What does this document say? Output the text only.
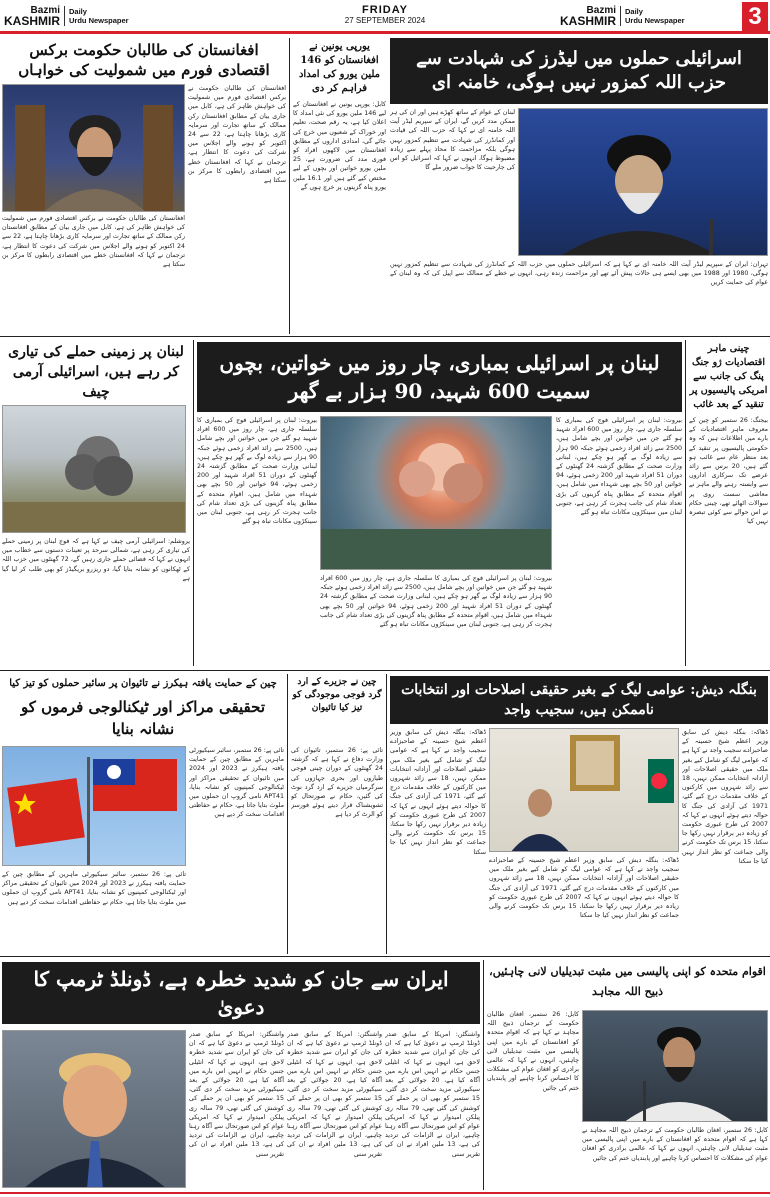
Bazmi
KASHMIR
Daily
Urdu Newspaper
FRIDAY
27 SEPTEMBER 2024
Bazmi
KASHMIR
Daily
Urdu Newspaper	3
افغانستان کی طالبان حکومت برکس اقتصادی فورم میں شمولیت کی خواہاں
افغانستان کی طالبان حکومت نے برکس اقتصادی فورم میں شمولیت کی خواہش ظاہر کی ہے، کابل میں جاری بیان کے مطابق افغانستان رکن ممالک کے ساتھ تجارت اور سرمایہ کاری بڑھانا چاہتا ہے، 22 سے 24 اکتوبر کو ہونے والے اجلاس میں شرکت کی دعوت کا انتظار ہے، ترجمان نے کہا کہ افغانستان خطے میں اقتصادی رابطوں کا مرکز بن سکتا ہے
افغانستان کی طالبان حکومت نے برکس اقتصادی فورم میں شمولیت کی خواہش ظاہر کی ہے، کابل میں جاری بیان کے مطابق افغانستان رکن ممالک کے ساتھ تجارت اور سرمایہ کاری بڑھانا چاہتا ہے، 22 سے 24 اکتوبر کو ہونے والے اجلاس میں شرکت کی دعوت کا انتظار ہے، ترجمان نے کہا کہ افغانستان خطے میں اقتصادی رابطوں کا مرکز بن سکتا ہے
یورپی یونین نے افغانستان کو 146 ملین یورو کی امداد فراہم کر دی
کابل: یورپی یونین نے افغانستان کے لیے 146 ملین یورو کی نئی امداد کا اعلان کیا ہے، یہ رقم صحت، تعلیم اور خوراک کے شعبوں میں خرچ کی جائے گی، امدادی اداروں کے مطابق افغانستان میں لاکھوں افراد کو فوری مدد کی ضرورت ہے، 25 ملین یورو خواتین اور بچوں کے لیے مختص کیے گئے ہیں اور 16.1 ملین یورو پناہ گزینوں پر خرچ ہوں گے
اسرائیلی حملوں میں لیڈرز کی شہادت سے حزب اللہ کمزور نہیں ہوگی، خامنہ ای
لبنان کے عوام کے ساتھ کھڑے ہیں اور ان کی ہر ممکن مدد کریں گے، ایران کے سپریم لیڈر آیت اللہ خامنہ ای نے کہا کہ حزب اللہ کی قیادت اور کمانڈرز کی شہادت سے تنظیم کمزور نہیں ہوگی بلکہ مزاحمت کا محاذ پہلے سے زیادہ مضبوط ہوگا، انہوں نے کہا کہ اسرائیل کو اس کی جارحیت کا جواب ضرور ملے گا
تہران: ایران کے سپریم لیڈر آیت اللہ خامنہ ای نے کہا ہے کہ اسرائیلی حملوں میں حزب اللہ کے کمانڈرز کی شہادت سے تنظیم کمزور نہیں ہوگی، 1980 اور 1988 میں بھی ایسے ہی حالات پیش آئے تھے اور مزاحمت زندہ رہی، انہوں نے خطے کے ممالک سے اپیل کی کہ وہ لبنان کے عوام کی حمایت کریں
لبنان پر زمینی حملے کی تیاری کر رہے ہیں، اسرائیلی آرمی چیف
یروشلم: اسرائیلی آرمی چیف نے کہا ہے کہ فوج لبنان پر زمینی حملے کی تیاری کر رہی ہے، شمالی سرحد پر تعینات دستوں سے خطاب میں انہوں نے کہا کہ فضائی حملے جاری رہیں گے، 72 گھنٹوں میں حزب اللہ کے ٹھکانوں کو نشانہ بنایا گیا، دو ریزرو بریگیڈز کو بھی طلب کر لیا گیا ہے
لبنان پر اسرائیلی بمباری، چار روز میں خواتین، بچوں سمیت 600 شہید، 90 ہزار بے گھر
بیروت: لبنان پر اسرائیلی فوج کی بمباری کا سلسلہ جاری ہے، چار روز میں 600 افراد شہید ہو گئے جن میں خواتین اور بچے شامل ہیں، 2500 سے زائد افراد زخمی ہوئے جبکہ 90 ہزار سے زیادہ لوگ بے گھر ہو چکے ہیں، لبنانی وزارت صحت کے مطابق گزشتہ 24 گھنٹوں کے دوران 51 افراد شہید اور 200 زخمی ہوئے، 94 خواتین اور 50 بچے بھی شہداء میں شامل ہیں، اقوام متحدہ کے مطابق پناہ گزینوں کی بڑی تعداد شام کی جانب ہجرت کر رہی ہے، جنوبی لبنان میں سینکڑوں مکانات تباہ ہو گئے
بیروت: لبنان پر اسرائیلی فوج کی بمباری کا سلسلہ جاری ہے، چار روز میں 600 افراد شہید ہو گئے جن میں خواتین اور بچے شامل ہیں، 2500 سے زائد افراد زخمی ہوئے جبکہ 90 ہزار سے زیادہ لوگ بے گھر ہو چکے ہیں، لبنانی وزارت صحت کے مطابق گزشتہ 24 گھنٹوں کے دوران 51 افراد شہید اور 200 زخمی ہوئے، 94 خواتین اور 50 بچے بھی شہداء میں شامل ہیں، اقوام متحدہ کے مطابق پناہ گزینوں کی بڑی تعداد شام کی جانب ہجرت کر رہی ہے، جنوبی لبنان میں سینکڑوں مکانات تباہ ہو گئے
بیروت: لبنان پر اسرائیلی فوج کی بمباری کا سلسلہ جاری ہے، چار روز میں 600 افراد شہید ہو گئے جن میں خواتین اور بچے شامل ہیں، 2500 سے زائد افراد زخمی ہوئے جبکہ 90 ہزار سے زیادہ لوگ بے گھر ہو چکے ہیں، لبنانی وزارت صحت کے مطابق گزشتہ 24 گھنٹوں کے دوران 51 افراد شہید اور 200 زخمی ہوئے، 94 خواتین اور 50 بچے بھی شہداء میں شامل ہیں، اقوام متحدہ کے مطابق پناہ گزینوں کی بڑی تعداد شام کی جانب ہجرت کر رہی ہے، جنوبی لبنان میں سینکڑوں مکانات تباہ ہو گئے
چینی ماہر اقتصادیات ژو جنگ پنگ کی جانب سے امریکی پالیسیوں پر تنقید کے بعد غائب
بیجنگ: 26 ستمبر کو چین کے معروف ماہر اقتصادیات کے بارے میں اطلاعات ہیں کہ وہ حکومتی پالیسیوں پر تنقید کے بعد منظر عام سے غائب ہو گئے ہیں، 20 برس سے زائد عرصے تک سرکاری اداروں سے وابستہ رہنے والے ماہر نے معاشی سست روی پر سوالات اٹھائے تھے، چینی حکام نے اس حوالے سے کوئی تبصرہ نہیں کیا
چین کے حمایت یافتہ ہیکرز نے تائیوان پر سائبر حملوں کو تیز کیا
تحقیقی مراکز اور ٹیکنالوجی فرموں کو نشانہ بنایا
تائی پے: 26 ستمبر، سائبر سیکیورٹی ماہرین کے مطابق چین کے حمایت یافتہ ہیکرز نے 2023 اور 2024 میں تائیوان کے تحقیقی مراکز اور ٹیکنالوجی کمپنیوں کو نشانہ بنایا، APT41 نامی گروپ ان حملوں میں ملوث بتایا جاتا ہے، حکام نے حفاظتی اقدامات سخت کر دیے ہیں
تائی پے: 26 ستمبر، سائبر سیکیورٹی ماہرین کے مطابق چین کے حمایت یافتہ ہیکرز نے 2023 اور 2024 میں تائیوان کے تحقیقی مراکز اور ٹیکنالوجی کمپنیوں کو نشانہ بنایا، APT41 نامی گروپ ان حملوں میں ملوث بتایا جاتا ہے، حکام نے حفاظتی اقدامات سخت کر دیے ہیں
چین نے جزیرے کے ارد گرد فوجی موجودگی کو تیز کیا تائیوان
تائی پے: 26 ستمبر، تائیوان کی وزارت دفاع نے کہا ہے کہ گزشتہ 24 گھنٹوں کے دوران چینی فوجی طیاروں اور بحری جہازوں کی سرگرمیاں جزیرے کے ارد گرد نوٹ کی گئیں، حکام نے صورتحال کو تشویشناک قرار دیتے ہوئے فورسز کو الرٹ کر دیا ہے
بنگلہ دیش: عوامی لیگ کے بغیر حقیقی اصلاحات اور انتخابات ناممکن ہیں، سجیب واجد
ڈھاکہ: بنگلہ دیش کی سابق وزیر اعظم شیخ حسینہ کے صاحبزادے سجیب واجد نے کہا ہے کہ عوامی لیگ کو شامل کیے بغیر ملک میں حقیقی اصلاحات اور آزادانہ انتخابات ممکن نہیں، 18 سے زائد شہروں میں کارکنوں کے خلاف مقدمات درج کیے گئے، 1971 کی آزادی کی جنگ کا حوالہ دیتے ہوئے انہوں نے کہا کہ 2007 کی طرح عبوری حکومت کو زیادہ دیر برقرار نہیں رکھا جا سکتا، 15 برس تک حکومت کرنے والی جماعت کو نظر انداز نہیں کیا جا سکتا
ڈھاکہ: بنگلہ دیش کی سابق وزیر اعظم شیخ حسینہ کے صاحبزادے سجیب واجد نے کہا ہے کہ عوامی لیگ کو شامل کیے بغیر ملک میں حقیقی اصلاحات اور آزادانہ انتخابات ممکن نہیں، 18 سے زائد شہروں میں کارکنوں کے خلاف مقدمات درج کیے گئے، 1971 کی آزادی کی جنگ کا حوالہ دیتے ہوئے انہوں نے کہا کہ 2007 کی طرح عبوری حکومت کو زیادہ دیر برقرار نہیں رکھا جا سکتا، 15 برس تک حکومت کرنے والی جماعت کو نظر انداز نہیں کیا جا سکتا
ڈھاکہ: بنگلہ دیش کی سابق وزیر اعظم شیخ حسینہ کے صاحبزادے سجیب واجد نے کہا ہے کہ عوامی لیگ کو شامل کیے بغیر ملک میں حقیقی اصلاحات اور آزادانہ انتخابات ممکن نہیں، 18 سے زائد شہروں میں کارکنوں کے خلاف مقدمات درج کیے گئے، 1971 کی آزادی کی جنگ کا حوالہ دیتے ہوئے انہوں نے کہا کہ 2007 کی طرح عبوری حکومت کو زیادہ دیر برقرار نہیں رکھا جا سکتا، 15 برس تک حکومت کرنے والی جماعت کو نظر انداز نہیں کیا جا سکتا
ایران سے جان کو شدید خطرہ ہے، ڈونلڈ ٹرمپ کا دعویٰ
واشنگٹن: امریکا کے سابق صدر ڈونلڈ ٹرمپ نے دعویٰ کیا ہے کہ ان کی جان کو ایران سے شدید خطرہ لاحق ہے، انہوں نے کہا کہ انٹیلی جنس حکام نے انہیں اس بارے میں آگاہ کیا ہے، 20 جولائی کے بعد سیکیورٹی مزید سخت کر دی گئی، 15 ستمبر کو بھی ان پر حملے کی کوشش کی گئی تھی، 79 سالہ ری پبلکن امیدوار نے کہا کہ امریکی عوام کو اس صورتحال سے آگاہ رہنا چاہیے، ایران نے الزامات کی تردید کی ہے، 13 ملین افراد نے ان کی تقریر سنی
واشنگٹن: امریکا کے سابق صدر ڈونلڈ ٹرمپ نے دعویٰ کیا ہے کہ ان کی جان کو ایران سے شدید خطرہ لاحق ہے، انہوں نے کہا کہ انٹیلی جنس حکام نے انہیں اس بارے میں آگاہ کیا ہے، 20 جولائی کے بعد سیکیورٹی مزید سخت کر دی گئی، 15 ستمبر کو بھی ان پر حملے کی کوشش کی گئی تھی، 79 سالہ ری پبلکن امیدوار نے کہا کہ امریکی عوام کو اس صورتحال سے آگاہ رہنا چاہیے، ایران نے الزامات کی تردید کی ہے، 13 ملین افراد نے ان کی تقریر سنی
واشنگٹن: امریکا کے سابق صدر ڈونلڈ ٹرمپ نے دعویٰ کیا ہے کہ ان کی جان کو ایران سے شدید خطرہ لاحق ہے، انہوں نے کہا کہ انٹیلی جنس حکام نے انہیں اس بارے میں آگاہ کیا ہے، 20 جولائی کے بعد سیکیورٹی مزید سخت کر دی گئی، 15 ستمبر کو بھی ان پر حملے کی کوشش کی گئی تھی، 79 سالہ ری پبلکن امیدوار نے کہا کہ امریکی عوام کو اس صورتحال سے آگاہ رہنا چاہیے، ایران نے الزامات کی تردید کی ہے، 13 ملین افراد نے ان کی تقریر سنی
اقوام متحدہ کو اپنی پالیسی میں مثبت تبدیلیاں لانی چاہئیں، ذبیح اللہ مجاہد
کابل: 26 ستمبر، افغان طالبان حکومت کے ترجمان ذبیح اللہ مجاہد نے کہا ہے کہ اقوام متحدہ کو افغانستان کے بارے میں اپنی پالیسی میں مثبت تبدیلیاں لانی چاہئیں، انہوں نے کہا کہ عالمی برادری کو افغان عوام کی مشکلات کا احساس کرنا چاہیے اور پابندیاں ختم کی جائیں
کابل: 26 ستمبر، افغان طالبان حکومت کے ترجمان ذبیح اللہ مجاہد نے کہا ہے کہ اقوام متحدہ کو افغانستان کے بارے میں اپنی پالیسی میں مثبت تبدیلیاں لانی چاہئیں، انہوں نے کہا کہ عالمی برادری کو افغان عوام کی مشکلات کا احساس کرنا چاہیے اور پابندیاں ختم کی جائیں
